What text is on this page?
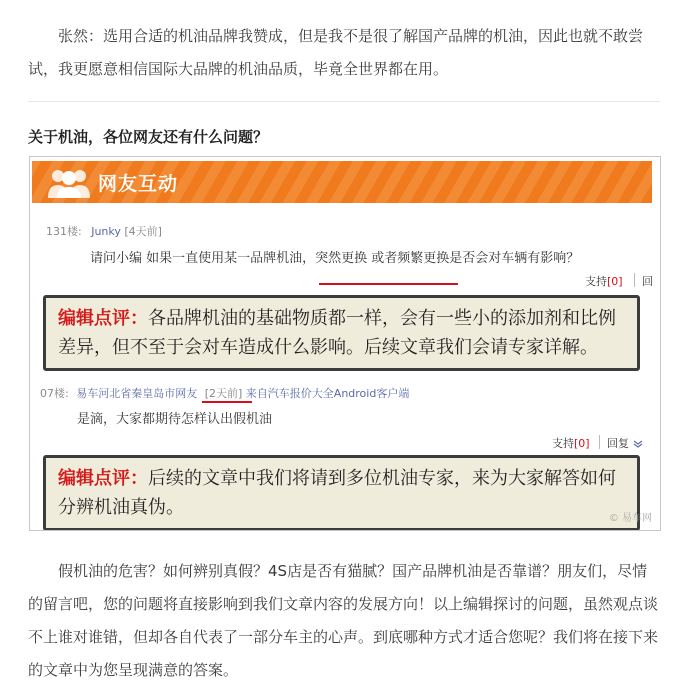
张然：选用合适的机油品牌我赞成，但是我不是很了解国产品牌的机油，因此也就不敢尝试，我更愿意相信国际大品牌的机油品质，毕竟全世界都在用。

关于机油，各位网友还有什么问题？
网友互动
131楼: Junky [4天前]
请问小编 如果一直使用某一品牌机油，突然更换 或者频繁更换是否会对车辆有影响？
支持[0] 回
编辑点评：各品牌机油的基础物质都一样，会有一些小的添加剂和比例差异，但不至于会对车造成什么影响。后续文章我们会请专家详解。
07楼: 易车河北省秦皇岛市网友 [2天前] 来自汽车报价大全Android客户端
是滴，大家都期待怎样认出假机油
支持[0] 回复
编辑点评：后续的文章中我们将请到多位机油专家，来为大家解答如何分辨机油真伪。
© 易车网

假机油的危害？如何辨别真假？4S店是否有猫腻？国产品牌机油是否靠谱？朋友们，尽情的留言吧，您的问题将直接影响到我们文章内容的发展方向！以上编辑探讨的问题，虽然观点谈不上谁对谁错，但却各自代表了一部分车主的心声。到底哪种方式才适合您呢？我们将在接下来的文章中为您呈现满意的答案。
